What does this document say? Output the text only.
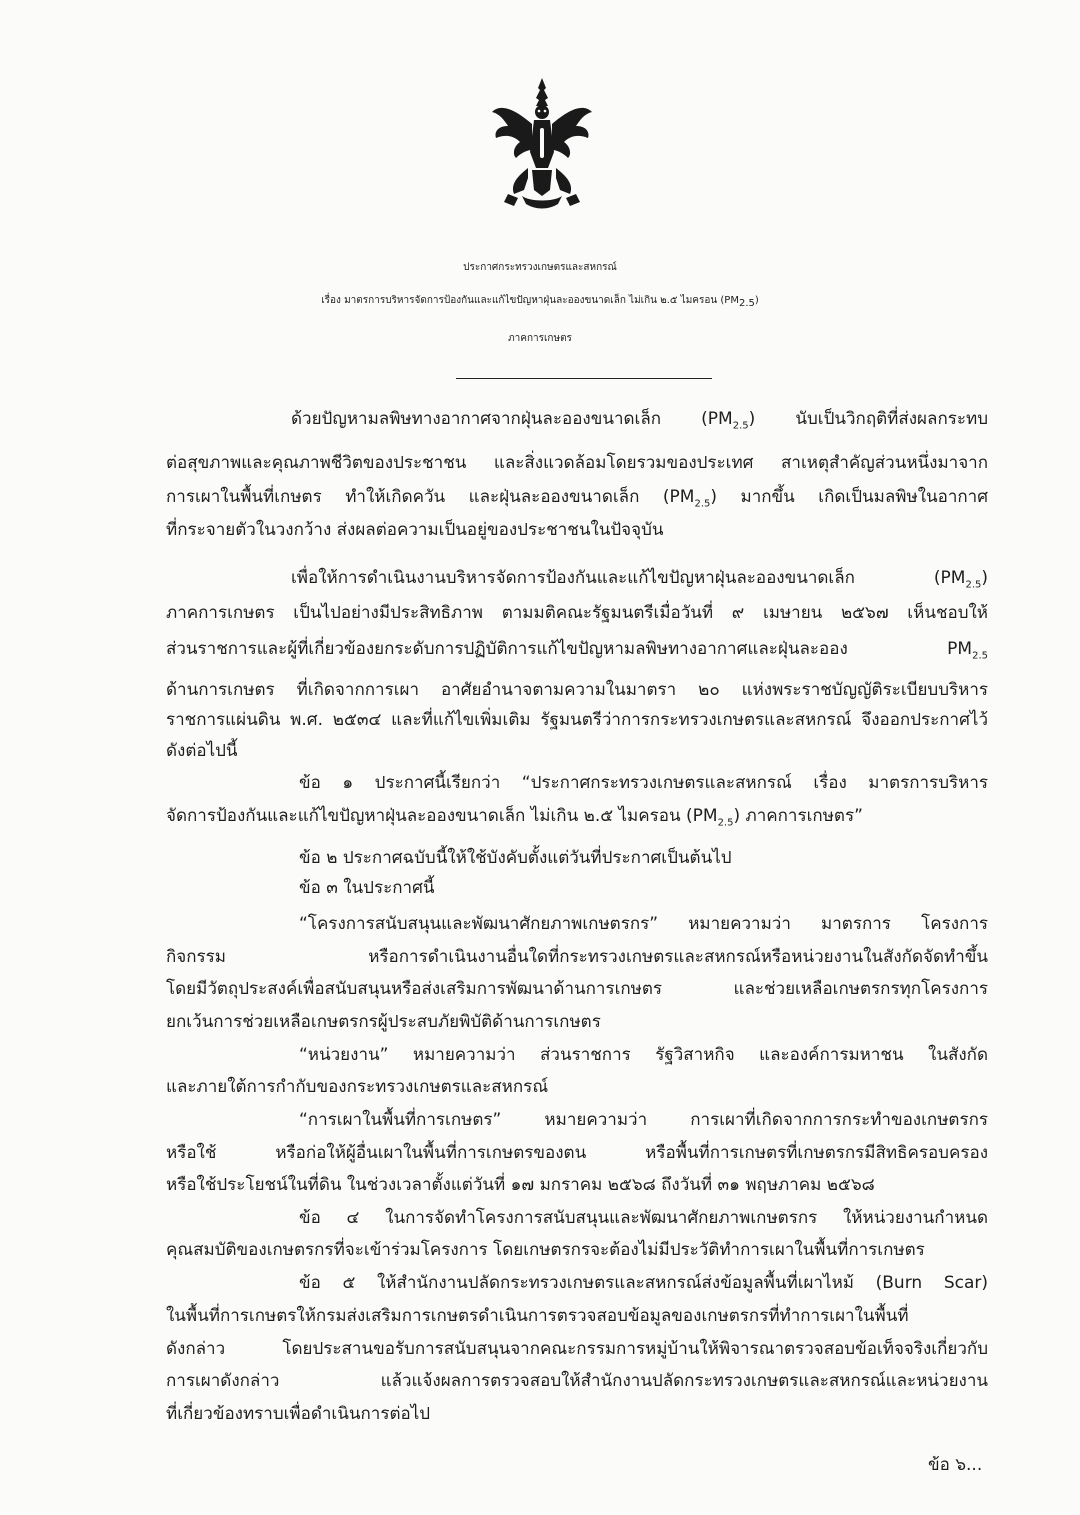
ประกาศกระทรวงเกษตรและสหกรณ์
เรื่อง มาตรการบริหารจัดการป้องกันและแก้ไขปัญหาฝุ่นละอองขนาดเล็ก ไม่เกิน ๒.๕ ไมครอน $(PM_{2.5})$
ภาคการเกษตร
ด้วยปัญหามลพิษทางอากาศจากฝุ่นละอองขนาดเล็ก $(PM_{2.5})$ นับเป็นวิกฤติที่ส่งผลกระทบ
ต่อสุขภาพและคุณภาพชีวิตของประชาชน และสิ่งแวดล้อมโดยรวมของประเทศ สาเหตุสำคัญส่วนหนึ่งมาจาก
การเผาในพื้นที่เกษตร ทำให้เกิดควัน และฝุ่นละอองขนาดเล็ก $(PM_{2.5})$ มากขึ้น เกิดเป็นมลพิษในอากาศ
ที่กระจายตัวในวงกว้าง ส่งผลต่อความเป็นอยู่ของประชาชนในปัจจุบัน
เพื่อให้การดำเนินงานบริหารจัดการป้องกันและแก้ไขปัญหาฝุ่นละอองขนาดเล็ก $(PM_{2.5})$
ภาคการเกษตร เป็นไปอย่างมีประสิทธิภาพ ตามมติคณะรัฐมนตรีเมื่อวันที่ ๙ เมษายน ๒๕๖๗ เห็นชอบให้
ส่วนราชการและผู้ที่เกี่ยวข้องยกระดับการปฏิบัติการแก้ไขปัญหามลพิษทางอากาศและฝุ่นละออง $PM_{2.5}$
ด้านการเกษตร ที่เกิดจากการเผา อาศัยอำนาจตามความในมาตรา ๒๐ แห่งพระราชบัญญัติระเบียบบริหาร
ราชการแผ่นดิน พ.ศ. ๒๕๓๔ และที่แก้ไขเพิ่มเติม รัฐมนตรีว่าการกระทรวงเกษตรและสหกรณ์ จึงออกประกาศไว้
ดังต่อไปนี้
ข้อ ๑ ประกาศนี้เรียกว่า “ประกาศกระทรวงเกษตรและสหกรณ์ เรื่อง มาตรการบริหาร
จัดการป้องกันและแก้ไขปัญหาฝุ่นละอองขนาดเล็ก ไม่เกิน ๒.๕ ไมครอน $(PM_{2.5})$ ภาคการเกษตร”
ข้อ ๒ ประกาศฉบับนี้ให้ใช้บังคับตั้งแต่วันที่ประกาศเป็นต้นไป
ข้อ ๓ ในประกาศนี้
“โครงการสนับสนุนและพัฒนาศักยภาพเกษตรกร” หมายความว่า มาตรการ โครงการ
กิจกรรม หรือการดำเนินงานอื่นใดที่กระทรวงเกษตรและสหกรณ์หรือหน่วยงานในสังกัดจัดทำขึ้น
โดยมีวัตถุประสงค์เพื่อสนับสนุนหรือส่งเสริมการพัฒนาด้านการเกษตร และช่วยเหลือเกษตรกรทุกโครงการ
ยกเว้นการช่วยเหลือเกษตรกรผู้ประสบภัยพิบัติด้านการเกษตร
“หน่วยงาน” หมายความว่า ส่วนราชการ รัฐวิสาหกิจ และองค์การมหาชน ในสังกัด
และภายใต้การกำกับของกระทรวงเกษตรและสหกรณ์
“การเผาในพื้นที่การเกษตร” หมายความว่า การเผาที่เกิดจากการกระทำของเกษตรกร
หรือใช้ หรือก่อให้ผู้อื่นเผาในพื้นที่การเกษตรของตน หรือพื้นที่การเกษตรที่เกษตรกรมีสิทธิครอบครอง
หรือใช้ประโยชน์ในที่ดิน ในช่วงเวลาตั้งแต่วันที่ ๑๗ มกราคม ๒๕๖๘ ถึงวันที่ ๓๑ พฤษภาคม ๒๕๖๘
ข้อ ๔ ในการจัดทำโครงการสนับสนุนและพัฒนาศักยภาพเกษตรกร ให้หน่วยงานกำหนด
คุณสมบัติของเกษตรกรที่จะเข้าร่วมโครงการ โดยเกษตรกรจะต้องไม่มีประวัติทำการเผาในพื้นที่การเกษตร
ข้อ ๕ ให้สำนักงานปลัดกระทรวงเกษตรและสหกรณ์ส่งข้อมูลพื้นที่เผาไหม้ (Burn Scar)
ในพื้นที่การเกษตรให้กรมส่งเสริมการเกษตรดำเนินการตรวจสอบข้อมูลของเกษตรกรที่ทำการเผาในพื้นที่
ดังกล่าว โดยประสานขอรับการสนับสนุนจากคณะกรรมการหมู่บ้านให้พิจารณาตรวจสอบข้อเท็จจริงเกี่ยวกับ
การเผาดังกล่าว แล้วแจ้งผลการตรวจสอบให้สำนักงานปลัดกระทรวงเกษตรและสหกรณ์และหน่วยงาน
ที่เกี่ยวข้องทราบเพื่อดำเนินการต่อไป
ข้อ ๖...
